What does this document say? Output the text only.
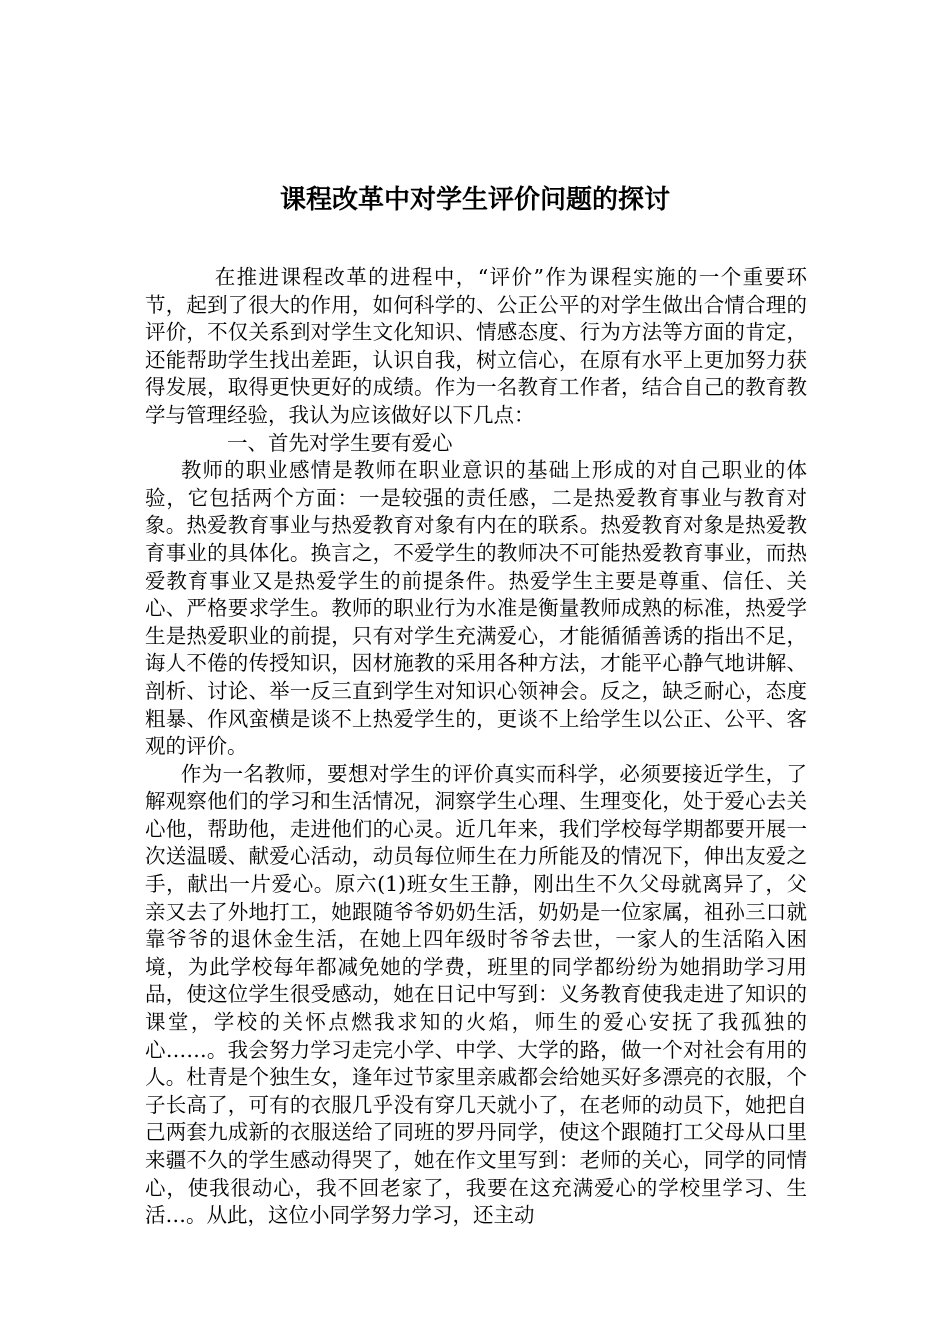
课程改革中对学生评价问题的探讨

在推进课程改革的进程中，“评价”作为课程实施的一个重要环节，起到了很大的作用，如何科学的、公正公平的对学生做出合情合理的评价，不仅关系到对学生文化知识、情感态度、行为方法等方面的肯定，还能帮助学生找出差距，认识自我，树立信心，在原有水平上更加努力获得发展，取得更快更好的成绩。作为一名教育工作者，结合自己的教育教学与管理经验，我认为应该做好以下几点：

一、首先对学生要有爱心

教师的职业感情是教师在职业意识的基础上形成的对自己职业的体验，它包括两个方面：一是较强的责任感，二是热爱教育事业与教育对象。热爱教育事业与热爱教育对象有内在的联系。热爱教育对象是热爱教育事业的具体化。换言之，不爱学生的教师决不可能热爱教育事业，而热爱教育事业又是热爱学生的前提条件。热爱学生主要是尊重、信任、关心、严格要求学生。教师的职业行为水准是衡量教师成熟的标准，热爱学生是热爱职业的前提，只有对学生充满爱心，才能循循善诱的指出不足，诲人不倦的传授知识，因材施教的采用各种方法，才能平心静气地讲解、剖析、讨论、举一反三直到学生对知识心领神会。反之，缺乏耐心，态度粗暴、作风蛮横是谈不上热爱学生的，更谈不上给学生以公正、公平、客观的评价。

作为一名教师，要想对学生的评价真实而科学，必须要接近学生，了解观察他们的学习和生活情况，洞察学生心理、生理变化，处于爱心去关心他，帮助他，走进他们的心灵。近几年来，我们学校每学期都要开展一次送温暖、献爱心活动，动员每位师生在力所能及的情况下，伸出友爱之手，献出一片爱心。原六(1)班女生王静，刚出生不久父母就离异了，父亲又去了外地打工，她跟随爷爷奶奶生活，奶奶是一位家属，祖孙三口就靠爷爷的退休金生活，在她上四年级时爷爷去世，一家人的生活陷入困境，为此学校每年都减免她的学费，班里的同学都纷纷为她捐助学习用品，使这位学生很受感动，她在日记中写到：义务教育使我走进了知识的课堂，学校的关怀点燃我求知的火焰，师生的爱心安抚了我孤独的心……。我会努力学习走完小学、中学、大学的路，做一个对社会有用的人。杜青是个独生女，逢年过节家里亲戚都会给她买好多漂亮的衣服，个子长高了，可有的衣服几乎没有穿几天就小了，在老师的动员下，她把自己两套九成新的衣服送给了同班的罗丹同学，使这个跟随打工父母从口里来疆不久的学生感动得哭了，她在作文里写到：老师的关心，同学的同情心，使我很动心，我不回老家了，我要在这充满爱心的学校里学习、生活…。从此，这位小同学努力学习，还主动
